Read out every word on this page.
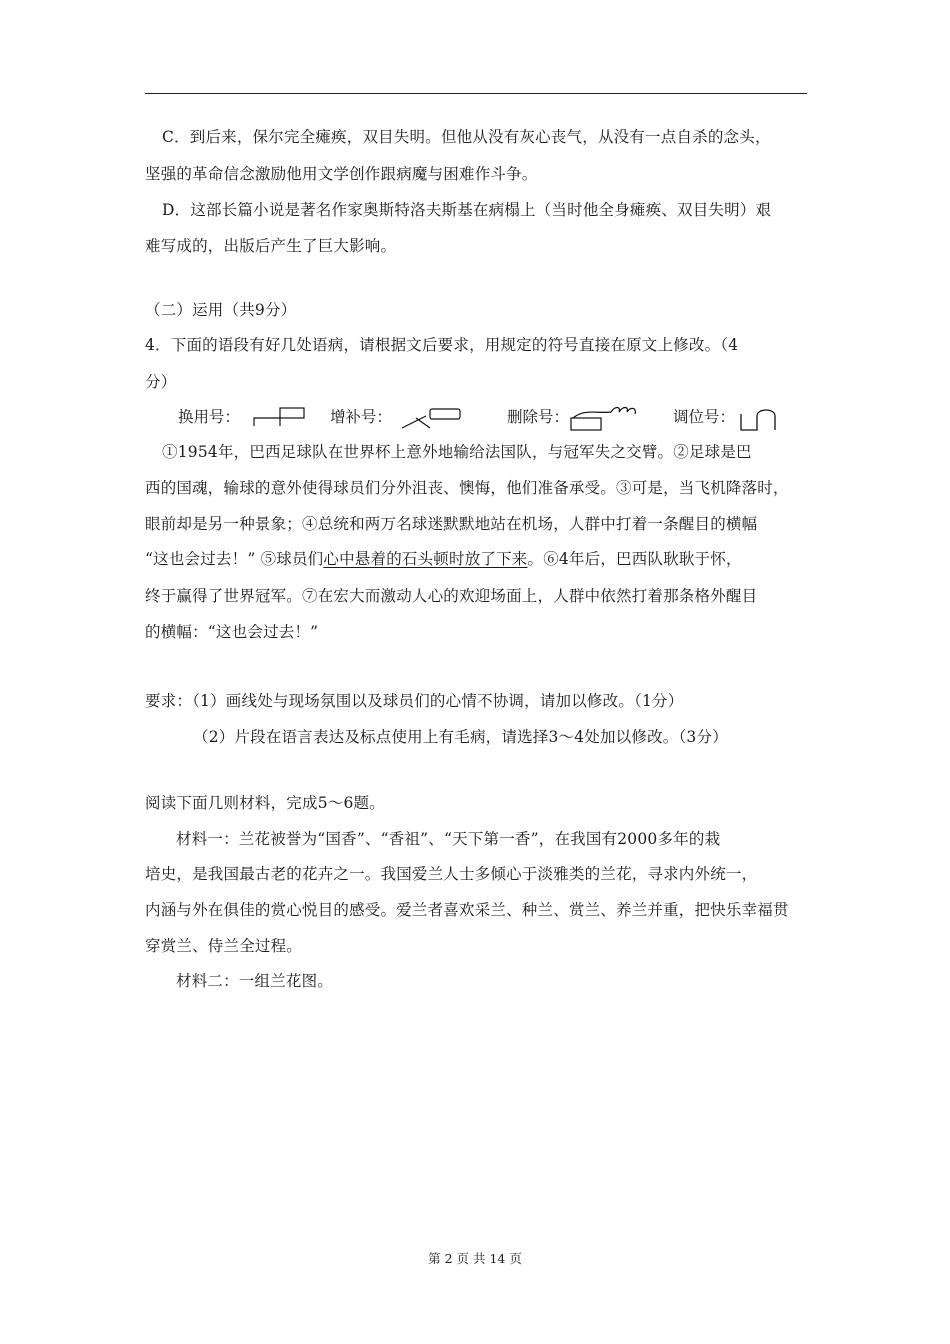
C．到后来，保尔完全瘫痪，双目失明。但他从没有灰心丧气，从没有一点自杀的念头，
坚强的革命信念激励他用文学创作跟病魔与困难作斗争。
D．这部长篇小说是著名作家奥斯特洛夫斯基在病榻上（当时他全身瘫痪、双目失明）艰
难写成的，出版后产生了巨大影响。
（二）运用（共9分）
4．下面的语段有好几处语病，请根据文后要求，用规定的符号直接在原文上修改。（4
分）
换用号：	增补号：	删除号：	调位号：
①1954年，巴西足球队在世界杯上意外地输给法国队，与冠军失之交臂。②足球是巴
西的国魂，输球的意外使得球员们分外沮丧、懊悔，他们准备承受。③可是，当飞机降落时，
眼前却是另一种景象；④总统和两万名球迷默默地站在机场，人群中打着一条醒目的横幅
“这也会过去！” ⑤球员们心中悬着的石头顿时放了下来。⑥4年后，巴西队耿耿于怀，
终于赢得了世界冠军。⑦在宏大而激动人心的欢迎场面上，人群中依然打着那条格外醒目
的横幅：“这也会过去！”
要求：（1）画线处与现场氛围以及球员们的心情不协调，请加以修改。（1分）
（2）片段在语言表达及标点使用上有毛病，请选择3～4处加以修改。（3分）
阅读下面几则材料，完成5～6题。
材料一：兰花被誉为“国香”、“香祖”、“天下第一香”，在我国有2000多年的栽
培史，是我国最古老的花卉之一。我国爱兰人士多倾心于淡雅类的兰花，寻求内外统一，
内涵与外在俱佳的赏心悦目的感受。爱兰者喜欢采兰、种兰、赏兰、养兰并重，把快乐幸福贯
穿赏兰、侍兰全过程。
材料二：一组兰花图。
第 2 页 共 14 页
